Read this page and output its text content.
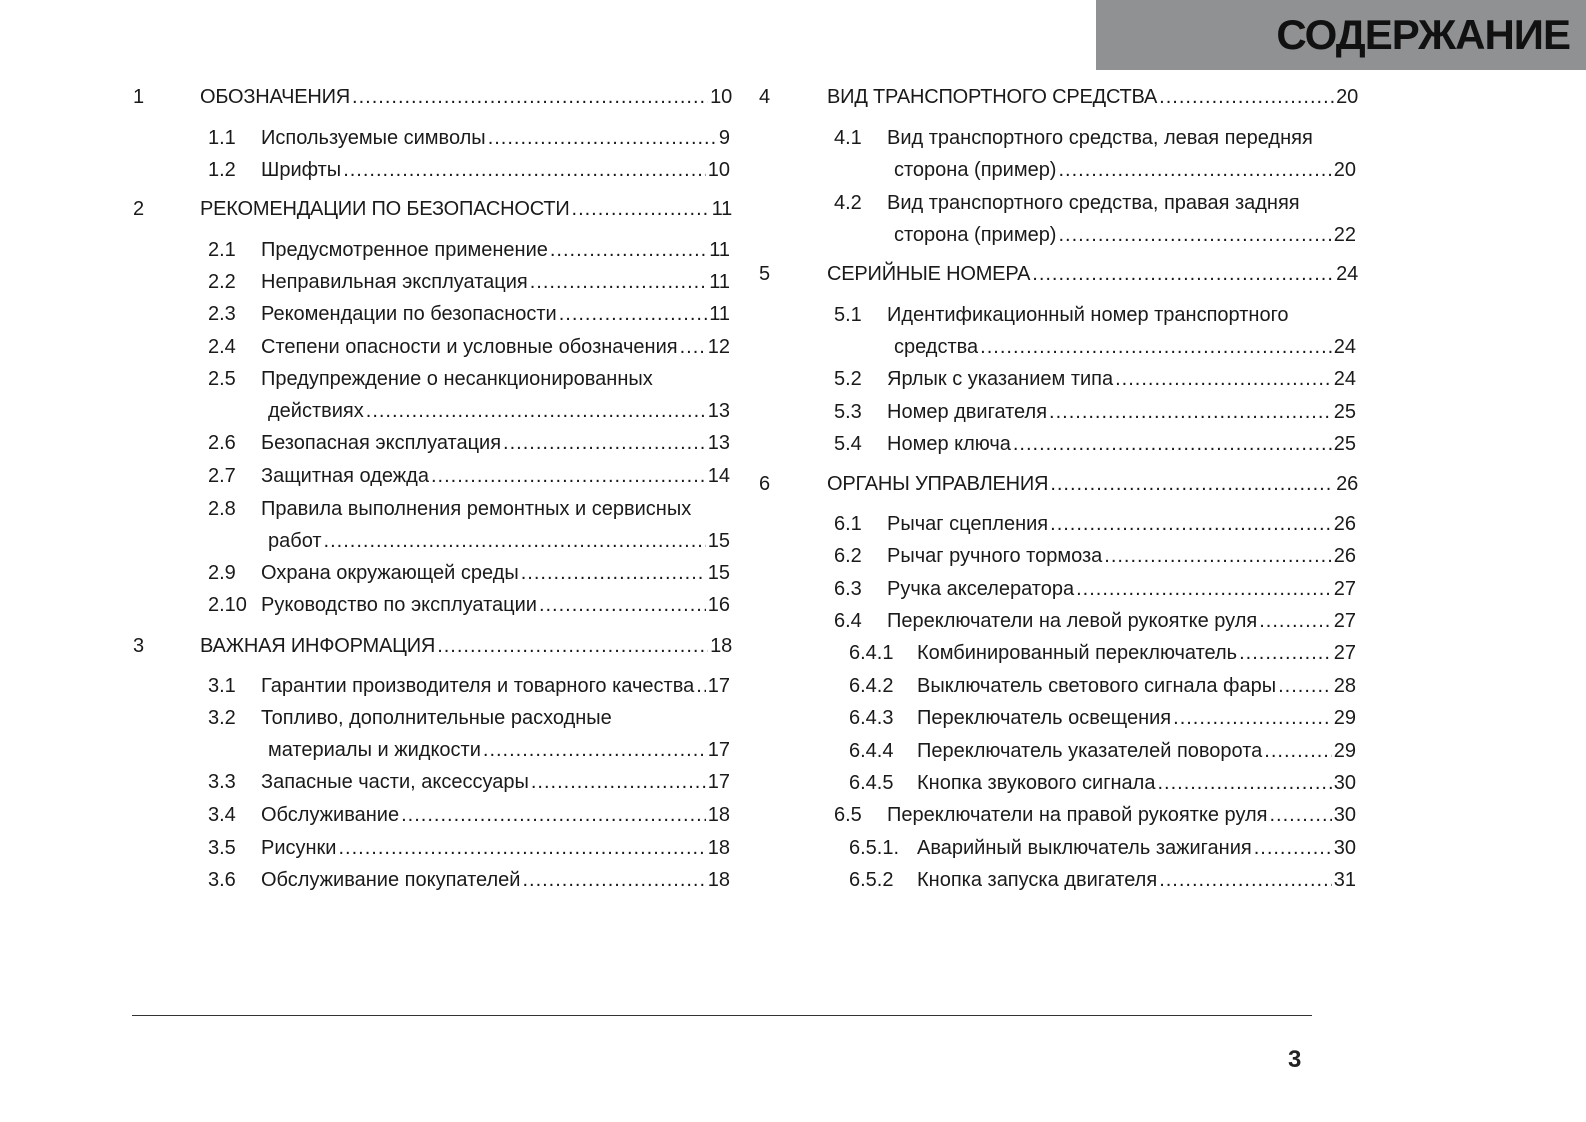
СОДЕРЖАНИЕ
1	ОБОЗНАЧЕНИЯ .....	10
1.1 Используемые символы .....	9
1.2 Шрифты .....	10
2	РЕКОМЕНДАЦИИ ПО БЕЗОПАСНОСТИ .....	11
2.1 Предусмотренное применение .....	11
2.2 Неправильная эксплуатация .....	11
2.3 Рекомендации по безопасности .....	11
2.4 Степени опасности и условные обозначения ..... 12
2.5 Предупреждение о несанкционированных
действиях .....	13
2.6 Безопасная эксплуатация .....	13
2.7 Защитная одежда .....	14
2.8 Правила выполнения ремонтных и сервисных
работ .....	15
2.9 Охрана окружающей среды .....	15
2.10 Руководство по эксплуатации .....	16
3	ВАЖНАЯ ИНФОРМАЦИЯ .....	18
3.1 Гарантии производителя и товарного качества ..... 17
3.2 Топливо, дополнительные расходные
материалы и жидкости .....	17
3.3 Запасные части, аксессуары .....	17
3.4 Обслуживание .....	18
3.5 Рисунки .....	18
3.6 Обслуживание покупателей .....	18
4	ВИД ТРАНСПОРТНОГО СРЕДСТВА .....	20
4.1 Вид транспортного средства, левая передняя
сторона (пример) .....	20
4.2 Вид транспортного средства, правая задняя
сторона (пример) .....	22
5	СЕРИЙНЫЕ НОМЕРА .....	24
5.1 Идентификационный номер транспортного
средства .....	24
5.2 Ярлык с указанием типа .....	24
5.3 Номер двигателя .....	25
5.4 Номер ключа .....	25
6	ОРГАНЫ УПРАВЛЕНИЯ .....	26
6.1 Рычаг сцепления .....	26
6.2 Рычаг ручного тормоза .....	26
6.3 Ручка акселератора .....	27
6.4 Переключатели на левой рукоятке руля .....	27
6.4.1 Комбинированный переключатель .....	27
6.4.2 Выключатель светового сигнала фары .....	28
6.4.3 Переключатель освещения .....	29
6.4.4 Переключатель указателей поворота .....	29
6.4.5 Кнопка звукового сигнала .....	30
6.5 Переключатели на правой рукоятке руля .....	30
6.5.1. Аварийный выключатель зажигания .....	30
6.5.2 Кнопка запуска двигателя .....	31
3
